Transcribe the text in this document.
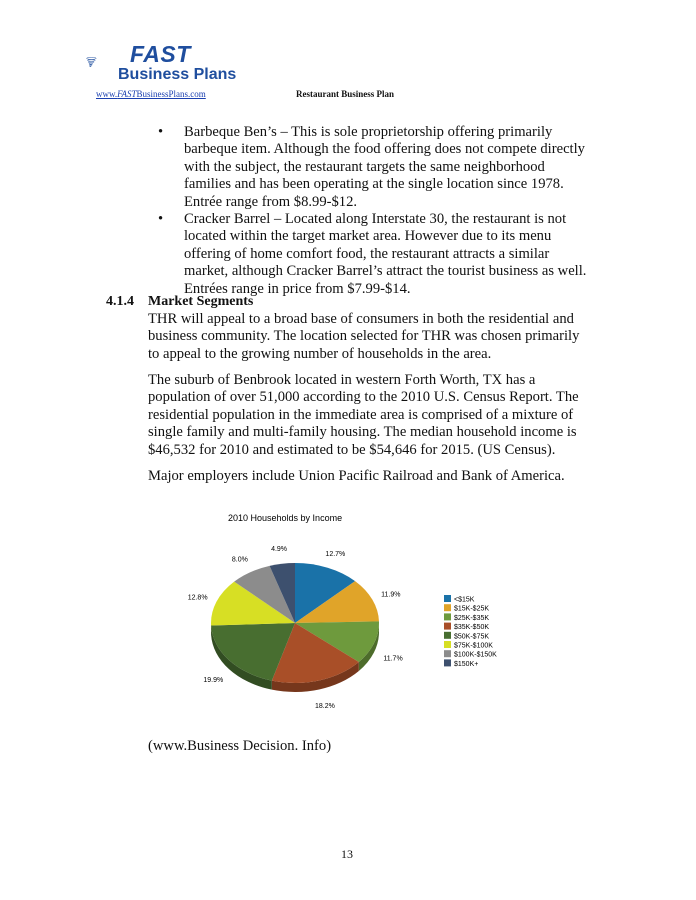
FAST
Business Plans
www.FASTBusinessPlans.com	Restaurant Business Plan
• Barbeque Ben’s – This is sole proprietorship offering primarily barbeque item. Although the food offering does not compete directly with the subject, the restaurant targets the same neighborhood families and has been operating at the single location since 1978. Entrée range from $8.99-$12.
• Cracker Barrel – Located along Interstate 30, the restaurant is not located within the target market area. However due to its menu offering of home comfort food, the restaurant attracts a similar market, although Cracker Barrel’s attract the tourist business as well. Entrées range in price from $7.99-$14.
4.1.4 Market Segments
THR will appeal to a broad base of consumers in both the residential and business community. The location selected for THR was chosen primarily to appeal to the growing number of households in the area.
The suburb of Benbrook located in western Forth Worth, TX has a population of over 51,000 according to the 2010 U.S. Census Report. The residential population in the immediate area is comprised of a mixture of single family and multi-family housing. The median household income is $46,532 for 2010 and estimated to be $54,646 for 2015. (US Census).
Major employers include Union Pacific Railroad and Bank of America.
2010 Households by Income
12.7%
11.9%
11.7%
18.2%
19.9%
12.8%
8.0%
4.9%
<$15K
$15K-$25K
$25K-$35K
$35K-$50K
$50K-$75K
$75K-$100K
$100K-$150K
$150K+
(www.Business Decision. Info)
13
